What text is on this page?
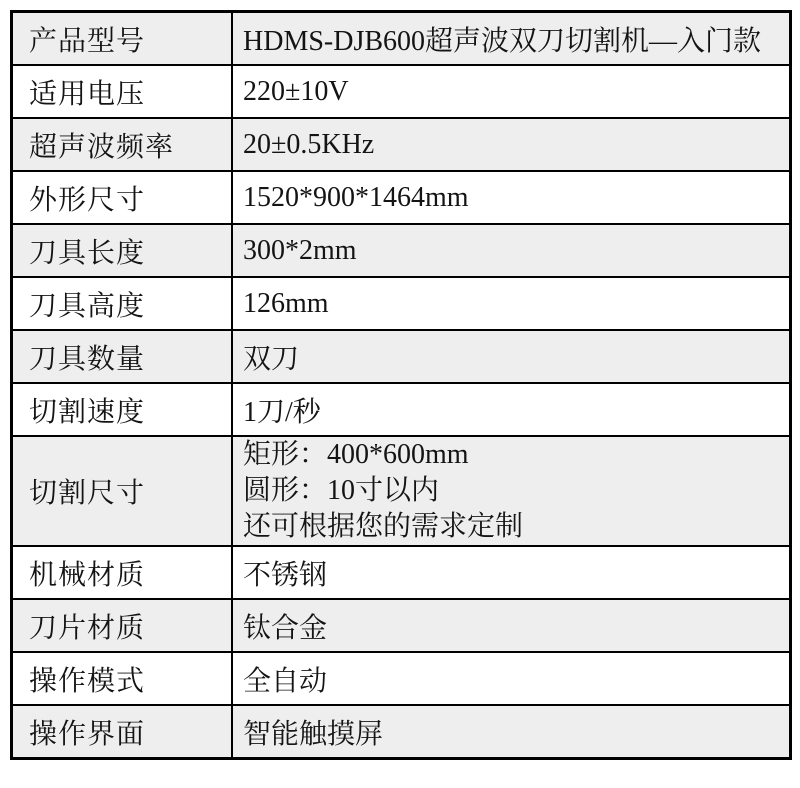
产品型号	HDMS-DJB600超声波双刀切割机—入门款
适用电压	220±10V
超声波频率	20±0.5KHz
外形尺寸	1520*900*1464mm
刀具长度	300*2mm
刀具高度	126mm
刀具数量	双刀
切割速度	1刀/秒
切割尺寸	矩形：400*600mm
圆形：10寸以内
还可根据您的需求定制

机械材质	不锈钢
刀片材质	钛合金
操作模式	全自动
操作界面	智能触摸屏
